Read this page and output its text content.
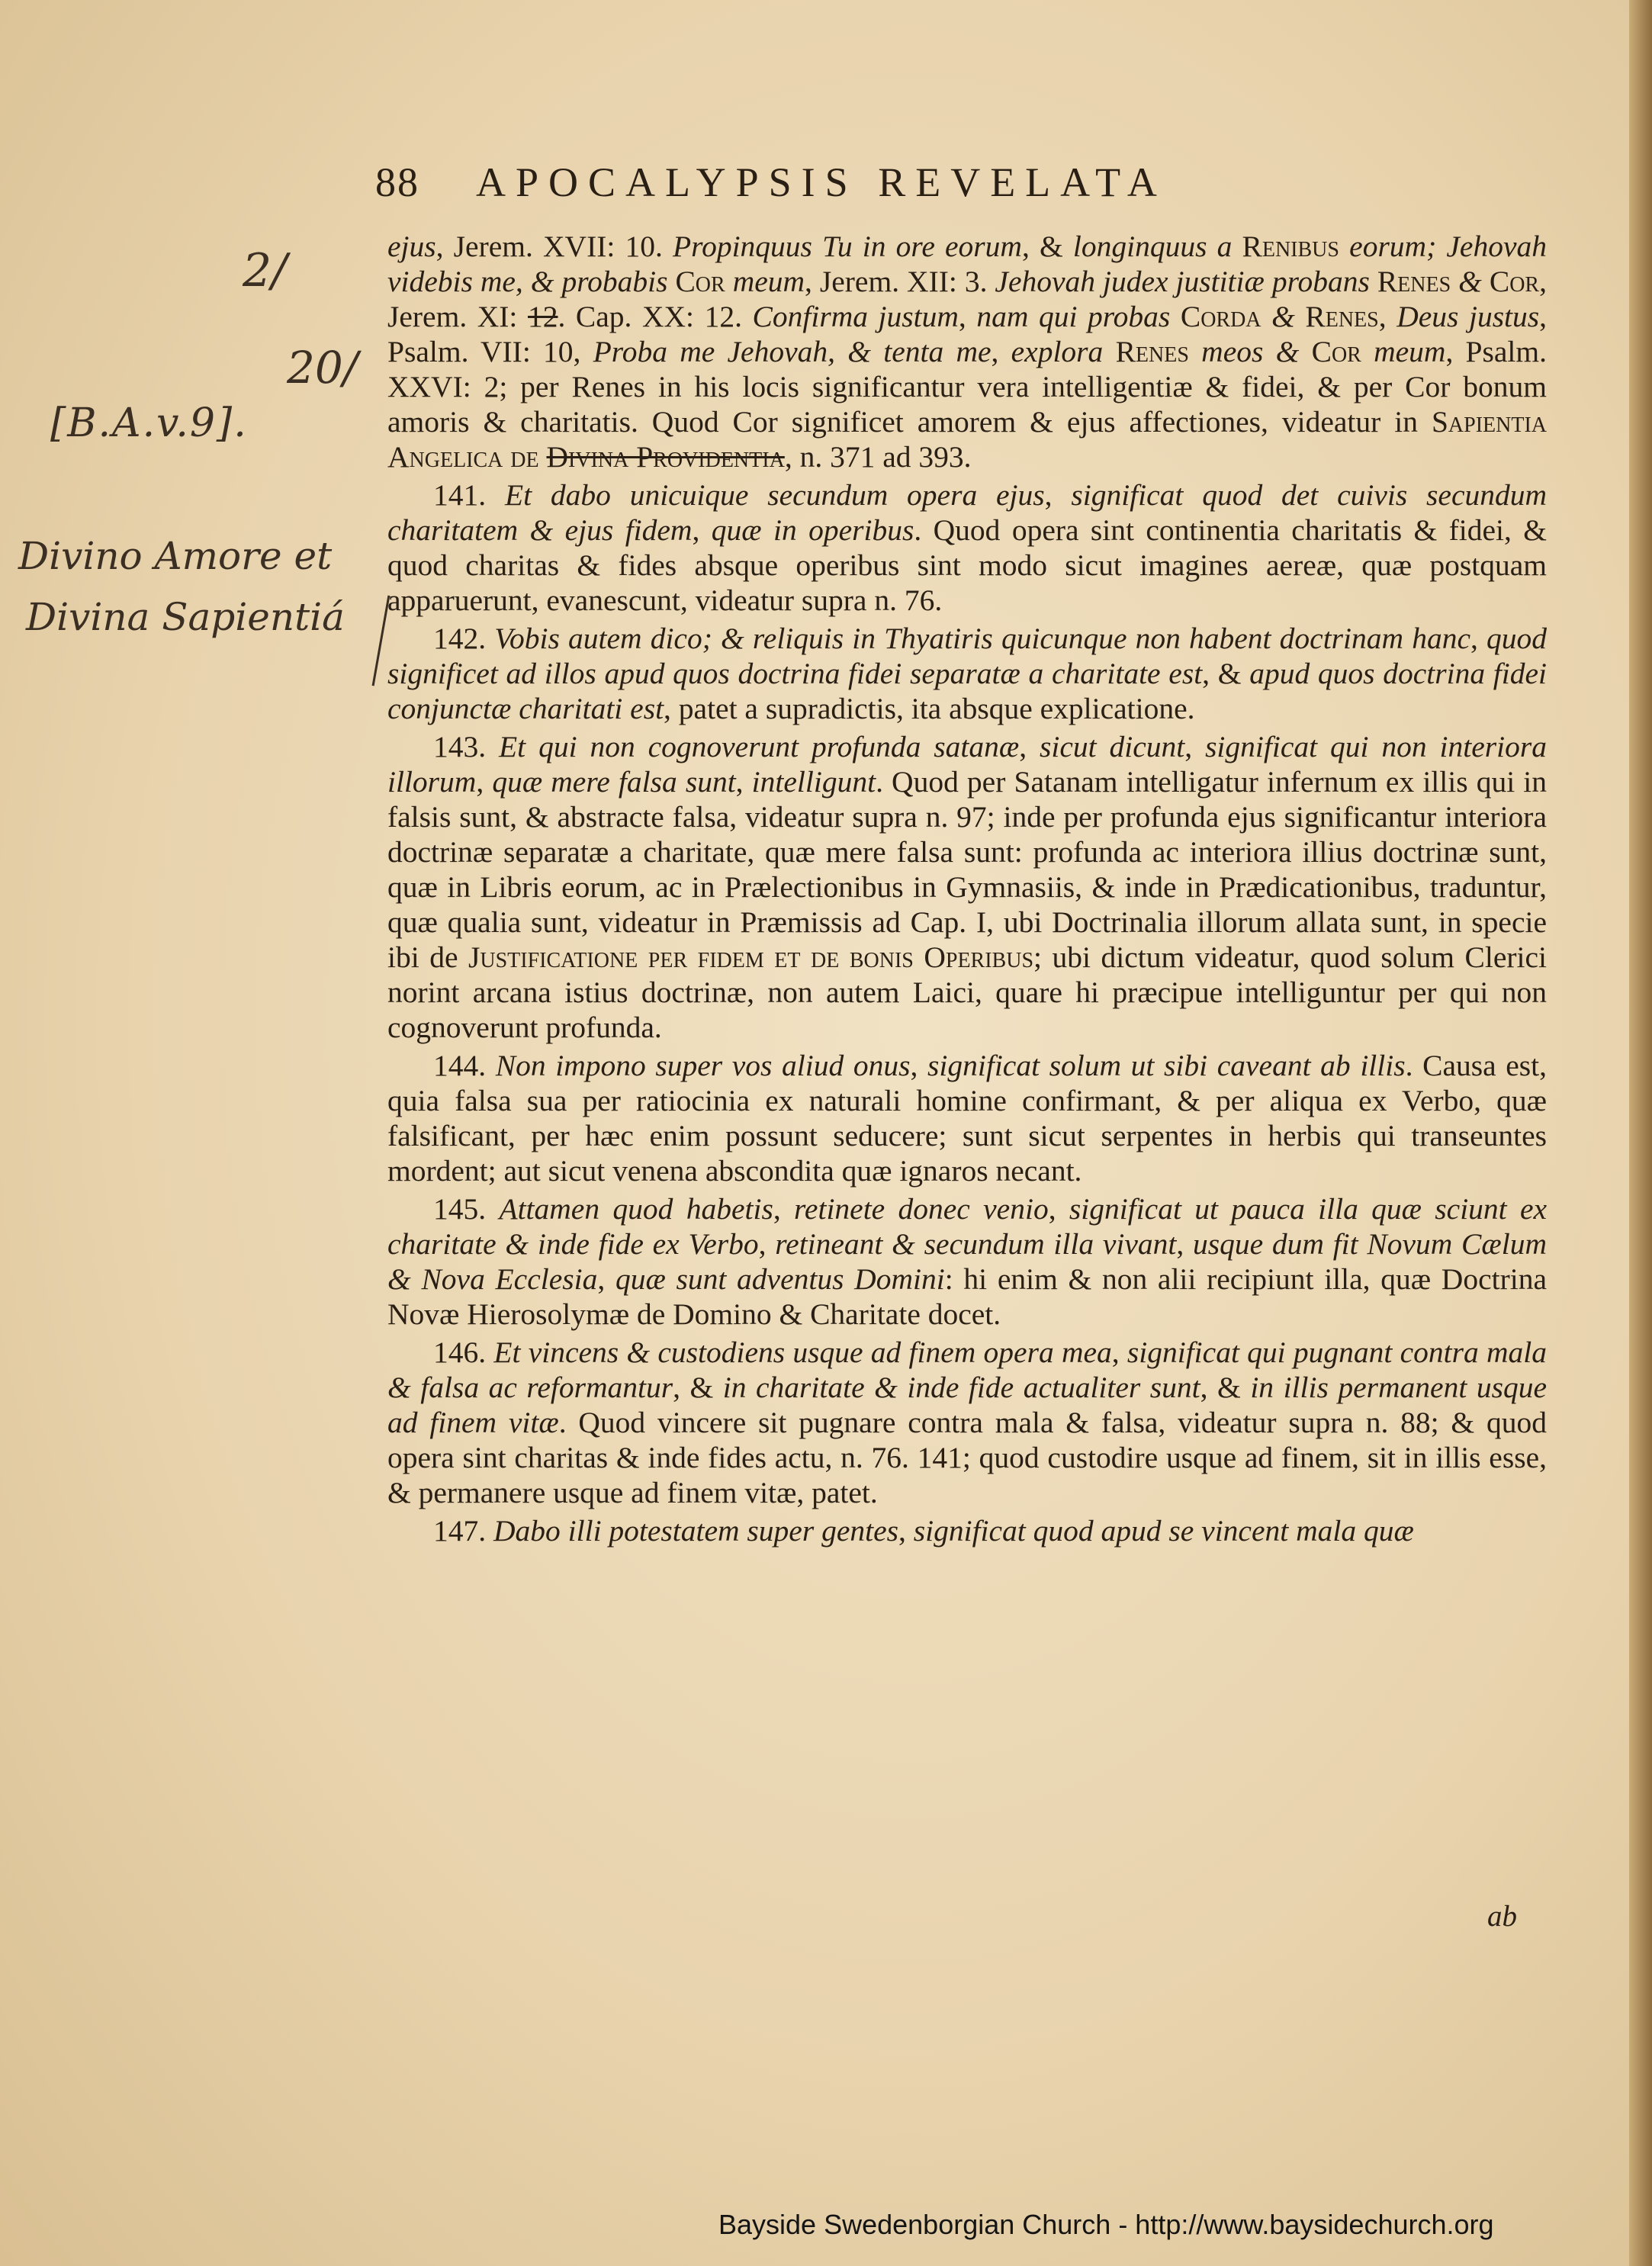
88 APOCALYPSIS REVELATA
2/
20/
[B.A.v.9].
Divino Amore et
Divina Sapientiá

ejus, Jerem. XVII: 10. Propinquus Tu in ore eorum, & longinquus a Renibus eorum; Jehovah videbis me, & probabis Cor meum, Jerem. XII: 3. Jehovah judex justitiæ probans Renes & Cor, Jerem. XI: 12. Cap. XX: 12. Confirma justum, nam qui probas Corda & Renes, Deus justus, Psalm. VII: 10, Proba me Jehovah, & tenta me, explora Renes meos & Cor meum, Psalm. XXVI: 2; per Renes in his locis significantur vera intelligentiæ & fidei, & per Cor bonum amoris & charitatis. Quod Cor significet amorem & ejus affectiones, videatur in Sapientia Angelica de Divina Providentia, n. 371 ad 393.

141. Et dabo unicuique secundum opera ejus, significat quod det cuivis secundum charitatem & ejus fidem, quæ in operibus. Quod opera sint continentia charitatis & fidei, & quod charitas & fides absque operibus sint modo sicut imagines aereæ, quæ postquam apparuerunt, evanescunt, videatur supra n. 76.

142. Vobis autem dico; & reliquis in Thyatiris quicunque non habent doctrinam hanc, quod significet ad illos apud quos doctrina fidei separatæ a charitate est, & apud quos doctrina fidei conjunctæ charitati est, patet a supradictis, ita absque explicatione.

143. Et qui non cognoverunt profunda satanæ, sicut dicunt, significat qui non interiora illorum, quæ mere falsa sunt, intelligunt. Quod per Satanam intelligatur infernum ex illis qui in falsis sunt, & abstracte falsa, videatur supra n. 97; inde per profunda ejus significantur interiora doctrinæ separatæ a charitate, quæ mere falsa sunt: profunda ac interiora illius doctrinæ sunt, quæ in Libris eorum, ac in Prælectionibus in Gymnasiis, & inde in Prædicationibus, traduntur, quæ qualia sunt, videatur in Præmissis ad Cap. I, ubi Doctrinalia illorum allata sunt, in specie ibi de Justificatione per fidem et de bonis Operibus; ubi dictum videatur, quod solum Clerici norint arcana istius doctrinæ, non autem Laici, quare hi præcipue intelliguntur per qui non cognoverunt profunda.

144. Non impono super vos aliud onus, significat solum ut sibi caveant ab illis. Causa est, quia falsa sua per ratiocinia ex naturali homine confirmant, & per aliqua ex Verbo, quæ falsificant, per hæc enim possunt seducere; sunt sicut serpentes in herbis qui transeuntes mordent; aut sicut venena abscondita quæ ignaros necant.

145. Attamen quod habetis, retinete donec venio, significat ut pauca illa quæ sciunt ex charitate & inde fide ex Verbo, retineant & secundum illa vivant, usque dum fit Novum Cælum & Nova Ecclesia, quæ sunt adventus Domini: hi enim & non alii recipiunt illa, quæ Doctrina Novæ Hierosolymæ de Domino & Charitate docet.

146. Et vincens & custodiens usque ad finem opera mea, significat qui pugnant contra mala & falsa ac reformantur, & in charitate & inde fide actualiter sunt, & in illis permanent usque ad finem vitæ. Quod vincere sit pugnare contra mala & falsa, videatur supra n. 88; & quod opera sint charitas & inde fides actu, n. 76. 141; quod custodire usque ad finem, sit in illis esse, & permanere usque ad finem vitæ, patet.

147. Dabo illi potestatem super gentes, significat quod apud se vincent mala quæ

ab
Bayside Swedenborgian Church - http://www.baysidechurch.org
